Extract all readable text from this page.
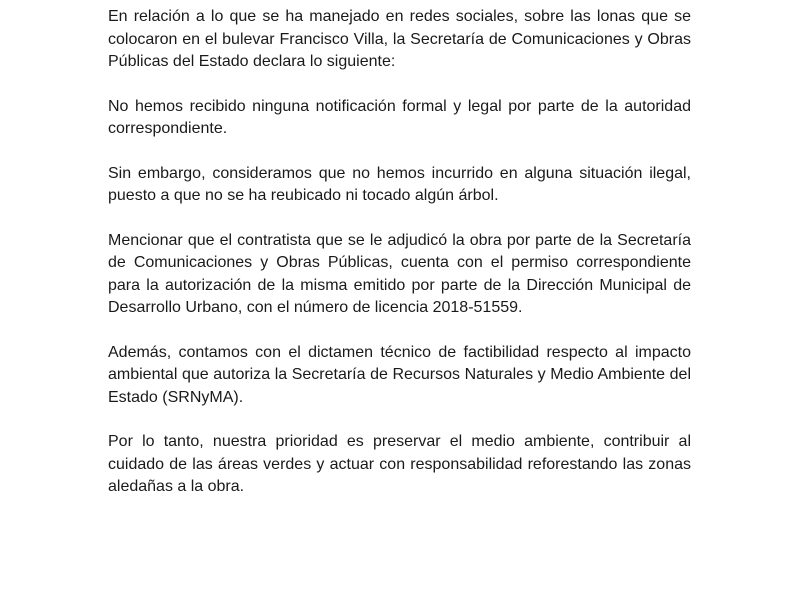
En relación a lo que se ha manejado en redes sociales, sobre las lonas que se colocaron en el bulevar Francisco Villa, la Secretaría de Comunicaciones y Obras Públicas del Estado declara lo siguiente:

No hemos recibido ninguna notificación formal y legal por parte de la autoridad correspondiente.

Sin embargo, consideramos que no hemos incurrido en alguna situación ilegal, puesto a que no se ha reubicado ni tocado algún árbol.

Mencionar que el contratista que se le adjudicó la obra por parte de la Secretaría de Comunicaciones y Obras Públicas, cuenta con el permiso correspondiente para la autorización de la misma emitido por parte de la Dirección Municipal de Desarrollo Urbano, con el número de licencia 2018-51559.

Además, contamos con el dictamen técnico de factibilidad respecto al impacto ambiental que autoriza la Secretaría de Recursos Naturales y Medio Ambiente del Estado (SRNyMA).

Por lo tanto, nuestra prioridad es preservar el medio ambiente, contribuir al cuidado de las áreas verdes y actuar con responsabilidad reforestando las zonas aledañas a la obra.
